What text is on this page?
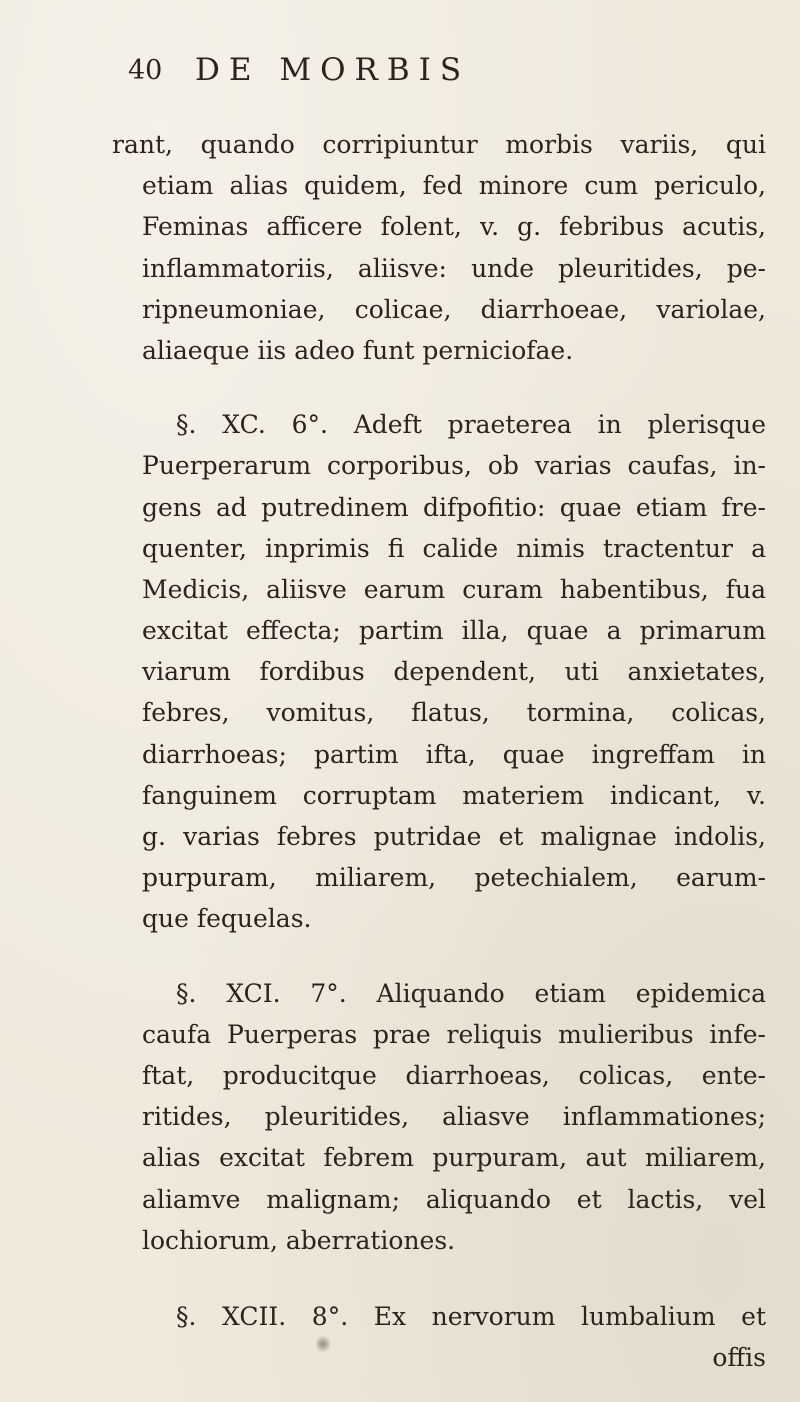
40	DE MORBIS
rant, quando corripiuntur morbis variis, qui
etiam alias quidem, fed minore cum periculo,
Feminas afficere folent, v. g. febribus acutis,
inflammatoriis, aliisve: unde pleuritides, pe-
ripneumoniae, colicae, diarrhoeae, variolae,
aliaeque iis adeo funt perniciofae.
§. XC. 6°. Adeft praeterea in plerisque
Puerperarum corporibus, ob varias caufas, in-
gens ad putredinem difpofitio: quae etiam fre-
quenter, inprimis fi calide nimis tractentur a
Medicis, aliisve earum curam habentibus, fua
excitat effecta; partim illa, quae a primarum
viarum fordibus dependent, uti anxietates,
febres, vomitus, flatus, tormina, colicas,
diarrhoeas; partim ifta, quae ingreffam in
fanguinem corruptam materiem indicant, v.
g. varias febres putridae et malignae indolis,
purpuram, miliarem, petechialem, earum-
que fequelas.
§. XCI. 7°. Aliquando etiam epidemica
caufa Puerperas prae reliquis mulieribus infe-
ftat, producitque diarrhoeas, colicas, ente-
ritides, pleuritides, aliasve inflammationes;
alias excitat febrem purpuram, aut miliarem,
aliamve malignam; aliquando et lactis, vel
lochiorum, aberrationes.
§. XCII. 8°. Ex nervorum lumbalium et
offis
